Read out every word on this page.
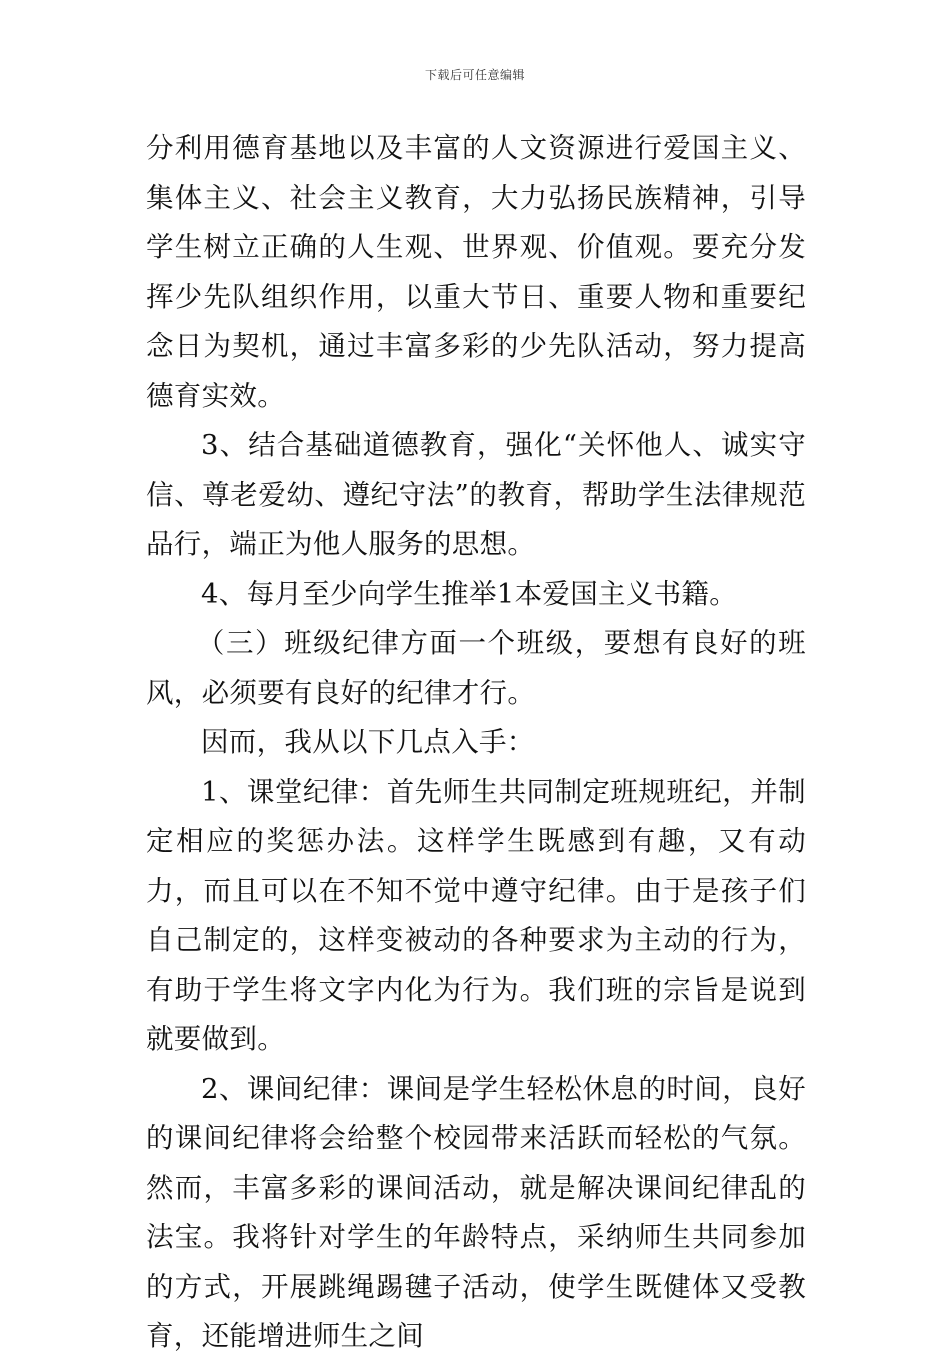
下载后可任意编辑

分利用德育基地以及丰富的人文资源进行爱国主义、集体主义、社会主义教育，大力弘扬民族精神，引导学生树立正确的人生观、世界观、价值观。要充分发挥少先队组织作用，以重大节日、重要人物和重要纪念日为契机，通过丰富多彩的少先队活动，努力提高德育实效。

3、结合基础道德教育，强化“关怀他人、诚实守信、尊老爱幼、遵纪守法”的教育，帮助学生法律规范品行，端正为他人服务的思想。

4、每月至少向学生推举1本爱国主义书籍。

（三）班级纪律方面一个班级，要想有良好的班风，必须要有良好的纪律才行。

因而，我从以下几点入手：

1、课堂纪律：首先师生共同制定班规班纪，并制定相应的奖惩办法。这样学生既感到有趣，又有动力，而且可以在不知不觉中遵守纪律。由于是孩子们自己制定的，这样变被动的各种要求为主动的行为，有助于学生将文字内化为行为。我们班的宗旨是说到就要做到。

2、课间纪律：课间是学生轻松休息的时间，良好的课间纪律将会给整个校园带来活跃而轻松的气氛。然而，丰富多彩的课间活动，就是解决课间纪律乱的法宝。我将针对学生的年龄特点，采纳师生共同参加的方式，开展跳绳踢毽子活动，使学生既健体又受教育，还能增进师生之间
